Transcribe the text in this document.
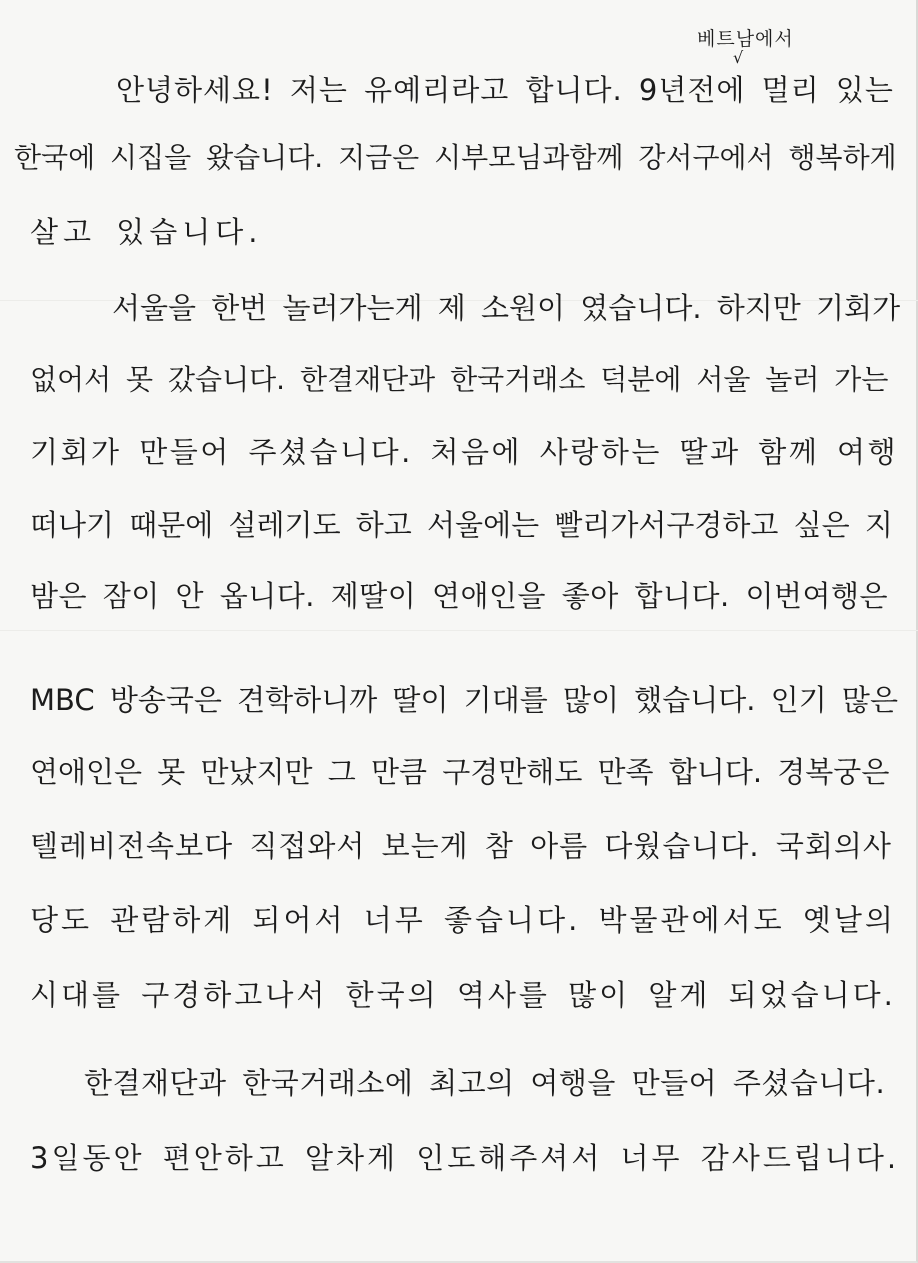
베트남에서
√
안녕하세요! 저는 유예리라고 합니다. 9년전에 멀리 있는
한국에 시집을 왔습니다. 지금은 시부모님과함께 강서구에서 행복하게
살고 있습니다.
서울을 한번 놀러가는게 제 소원이 였습니다. 하지만 기회가
없어서 못 갔습니다. 한결재단과 한국거래소 덕분에 서울 놀러 가는
기회가 만들어 주셨습니다. 처음에 사랑하는 딸과 함께 여행
떠나기 때문에 설레기도 하고 서울에는 빨리가서구경하고 싶은 지
밤은 잠이 안 옵니다. 제딸이 연애인을 좋아 합니다. 이번여행은
MBC 방송국은 견학하니까 딸이 기대를 많이 했습니다. 인기 많은
연애인은 못 만났지만 그 만큼 구경만해도 만족 합니다. 경복궁은
텔레비전속보다 직접와서 보는게 참 아름 다웠습니다. 국회의사
당도 관람하게 되어서 너무 좋습니다. 박물관에서도 옛날의
시대를 구경하고나서 한국의 역사를 많이 알게 되었습니다.
한결재단과 한국거래소에 최고의 여행을 만들어 주셨습니다.
3일동안 편안하고 알차게 인도해주셔서 너무 감사드립니다.
